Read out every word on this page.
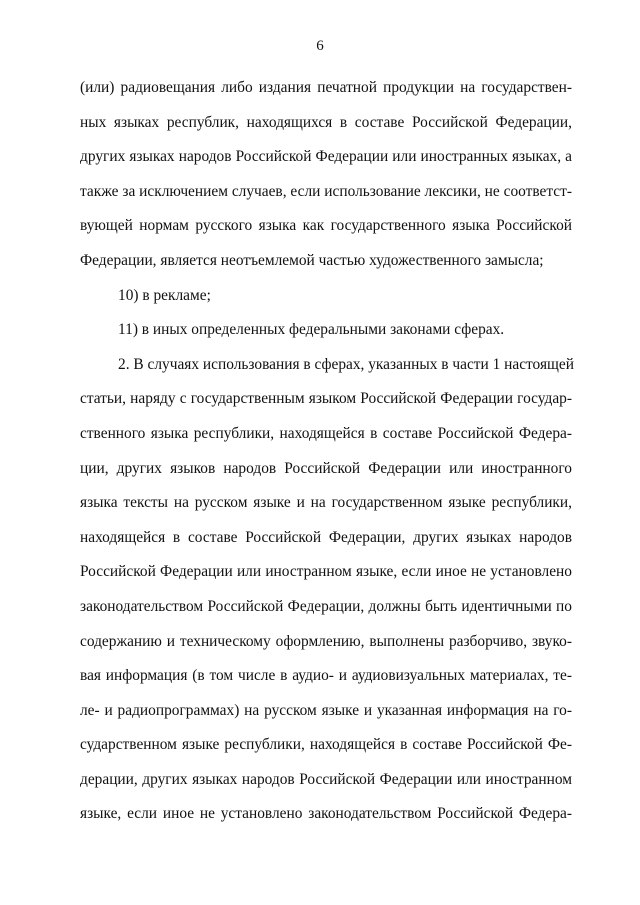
6
(или) радиовещания либо издания печатной продукции на государствен-
ных языках республик, находящихся в составе Российской Федерации,
других языках народов Российской Федерации или иностранных языках, а
также за исключением случаев, если использование лексики, не соответст-
вующей нормам русского языка как государственного языка Российской
Федерации, является неотъемлемой частью художественного замысла;
10) в рекламе;
11) в иных определенных федеральными законами сферах.
2. В случаях использования в сферах, указанных в части 1 настоящей
статьи, наряду с государственным языком Российской Федерации государ-
ственного языка республики, находящейся в составе Российской Федера-
ции, других языков народов Российской Федерации или иностранного
языка тексты на русском языке и на государственном языке республики,
находящейся в составе Российской Федерации, других языках народов
Российской Федерации или иностранном языке, если иное не установлено
законодательством Российской Федерации, должны быть идентичными по
содержанию и техническому оформлению, выполнены разборчиво, звуко-
вая информация (в том числе в аудио- и аудиовизуальных материалах, те-
ле- и радиопрограммах) на русском языке и указанная информация на го-
сударственном языке республики, находящейся в составе Российской Фе-
дерации, других языках народов Российской Федерации или иностранном
языке, если иное не установлено законодательством Российской Федера-
